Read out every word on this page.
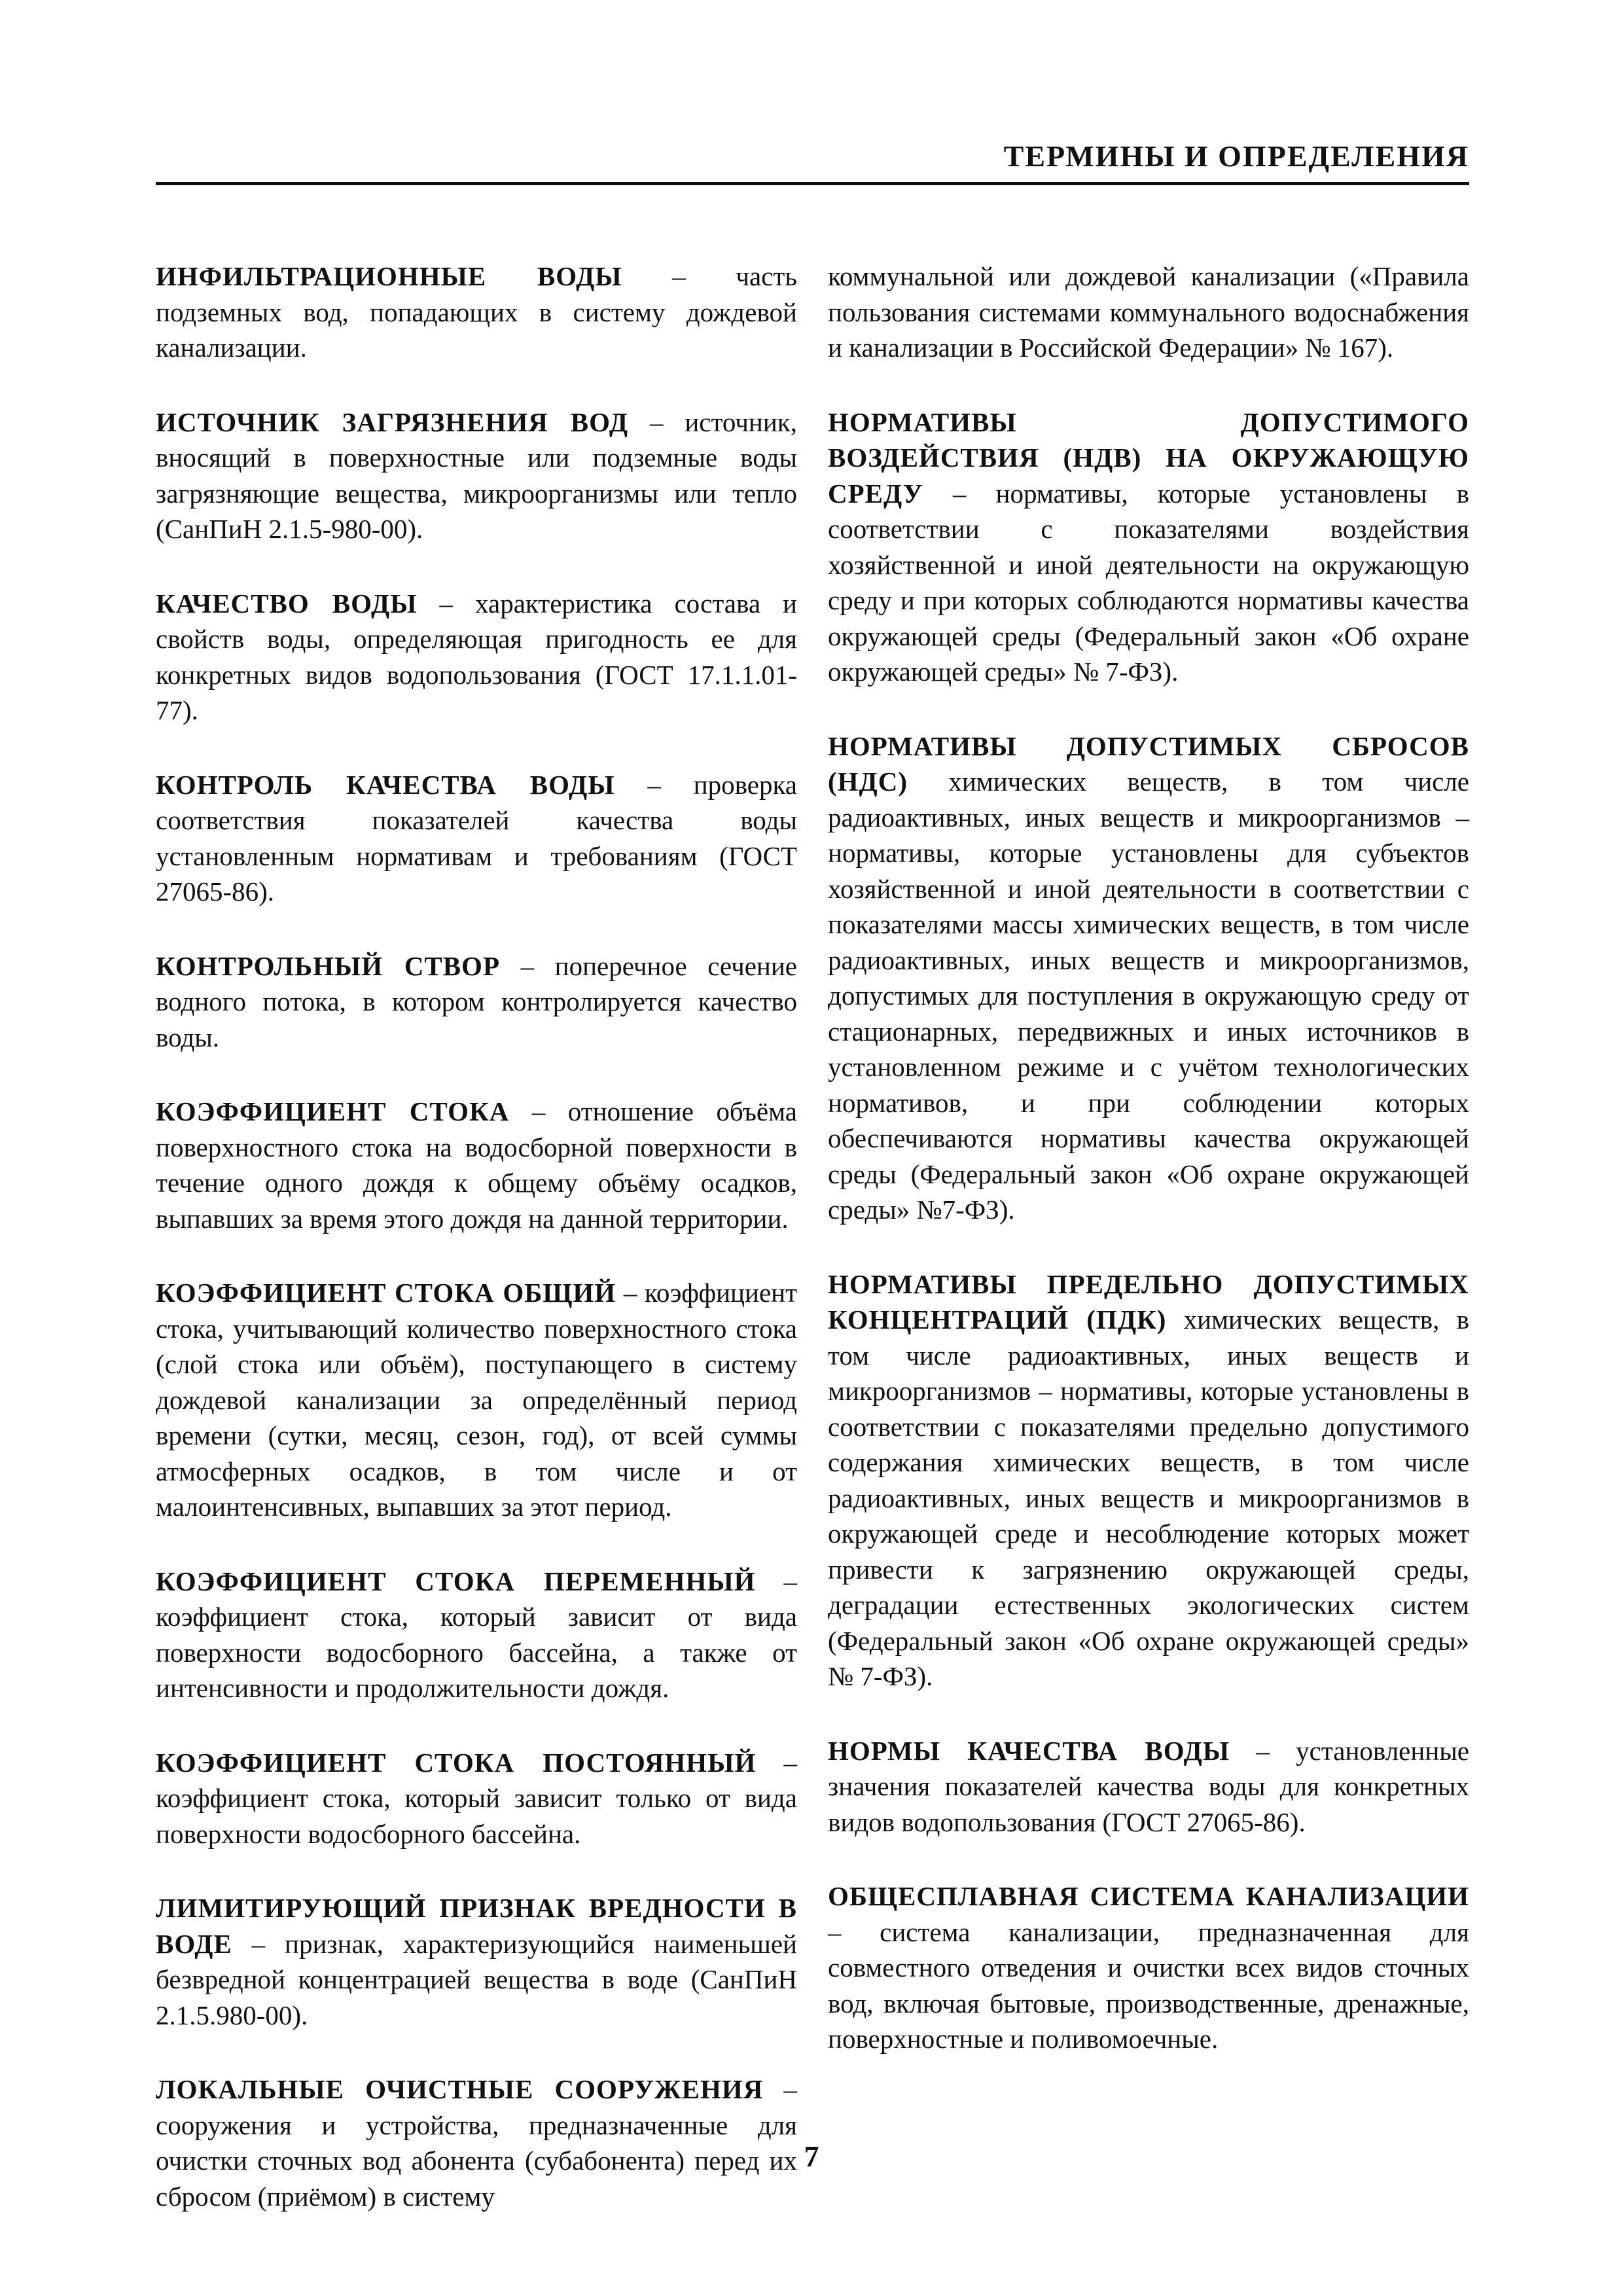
ТЕРМИНЫ И ОПРЕДЕЛЕНИЯ

ИНФИЛЬТРАЦИОННЫЕ ВОДЫ – часть подземных вод, попадающих в систему дождевой канализации.

ИСТОЧНИК ЗАГРЯЗНЕНИЯ ВОД – источник, вносящий в поверхностные или подземные воды загрязняющие вещества, микроорганизмы или тепло (СанПиН 2.1.5-980-00).

КАЧЕСТВО ВОДЫ – характеристика состава и свойств воды, определяющая пригодность ее для конкретных видов водопользования (ГОСТ 17.1.1.01-77).

КОНТРОЛЬ КАЧЕСТВА ВОДЫ – проверка соответствия показателей качества воды установленным нормативам и требованиям (ГОСТ 27065-86).

КОНТРОЛЬНЫЙ СТВОР – поперечное сечение водного потока, в котором контролируется качество воды.

КОЭФФИЦИЕНТ СТОКА – отношение объёма поверхностного стока на водосборной поверхности в течение одного дождя к общему объёму осадков, выпавших за время этого дождя на данной территории.

КОЭФФИЦИЕНТ СТОКА ОБЩИЙ – коэффициент стока, учитывающий количество поверхностного стока (слой стока или объём), поступающего в систему дождевой канализации за определённый период времени (сутки, месяц, сезон, год), от всей суммы атмосферных осадков, в том числе и от малоинтенсивных, выпавших за этот период.

КОЭФФИЦИЕНТ СТОКА ПЕРЕМЕННЫЙ – коэффициент стока, который зависит от вида поверхности водосборного бассейна, а также от интенсивности и продолжительности дождя.

КОЭФФИЦИЕНТ СТОКА ПОСТОЯННЫЙ – коэффициент стока, который зависит только от вида поверхности водосборного бассейна.

ЛИМИТИРУЮЩИЙ ПРИЗНАК ВРЕДНОСТИ В ВОДЕ – признак, характеризующийся наименьшей безвредной концентрацией вещества в воде (СанПиН 2.1.5.980-00).

ЛОКАЛЬНЫЕ ОЧИСТНЫЕ СООРУЖЕНИЯ – сооружения и устройства, предназначенные для очистки сточных вод абонента (субабонента) перед их сбросом (приёмом) в систему

коммунальной или дождевой канализации («Правила пользования системами коммунального водоснабжения и канализации в Российской Федерации» № 167).

НОРМАТИВЫ ДОПУСТИМОГО ВОЗДЕЙСТВИЯ (НДВ) НА ОКРУЖАЮЩУЮ СРЕДУ – нормативы, которые установлены в соответствии с показателями воздействия хозяйственной и иной деятельности на окружающую среду и при которых соблюдаются нормативы качества окружающей среды (Федеральный закон «Об охране окружающей среды» № 7-ФЗ).

НОРМАТИВЫ ДОПУСТИМЫХ СБРОСОВ (НДС) химических веществ, в том числе радиоактивных, иных веществ и микроорганизмов – нормативы, которые установлены для субъектов хозяйственной и иной деятельности в соответствии с показателями массы химических веществ, в том числе радиоактивных, иных веществ и микроорганизмов, допустимых для поступления в окружающую среду от стационарных, передвижных и иных источников в установленном режиме и с учётом технологических нормативов, и при соблюдении которых обеспечиваются нормативы качества окружающей среды (Федеральный закон «Об охране окружающей среды» №7-ФЗ).

НОРМАТИВЫ ПРЕДЕЛЬНО ДОПУСТИМЫХ КОНЦЕНТРАЦИЙ (ПДК) химических веществ, в том числе радиоактивных, иных веществ и микроорганизмов – нормативы, которые установлены в соответствии с показателями предельно допустимого содержания химических веществ, в том числе радиоактивных, иных веществ и микроорганизмов в окружающей среде и несоблюдение которых может привести к загрязнению окружающей среды, деградации естественных экологических систем (Федеральный закон «Об охране окружающей среды» № 7-ФЗ).

НОРМЫ КАЧЕСТВА ВОДЫ – установленные значения показателей качества воды для конкретных видов водопользования (ГОСТ 27065-86).

ОБЩЕСПЛАВНАЯ СИСТЕМА КАНАЛИЗАЦИИ – система канализации, предназначенная для совместного отведения и очистки всех видов сточных вод, включая бытовые, производственные, дренажные, поверхностные и поливомоечные.

7
